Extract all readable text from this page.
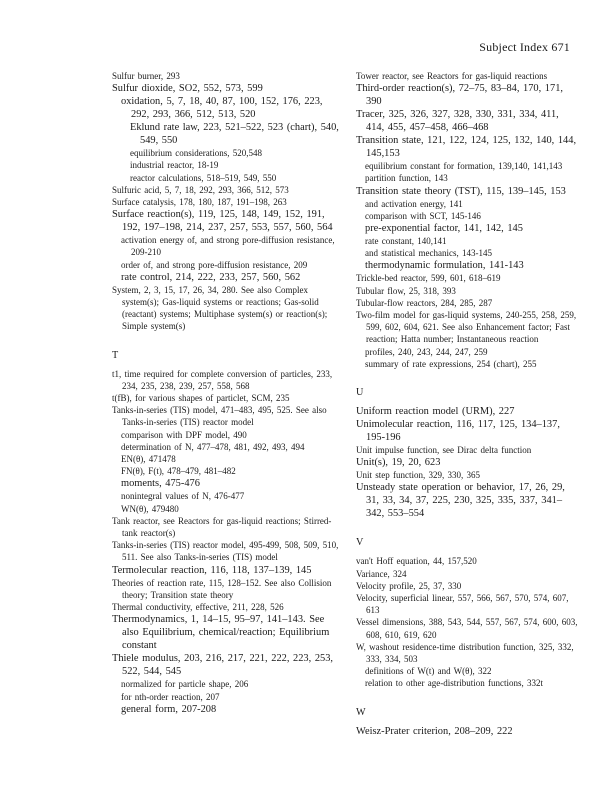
Subject Index 671

Sulfur burner, 293

Sulfur dioxide, SO2, 552, 573, 599

oxidation, 5, 7, 18, 40, 87, 100, 152, 176, 223, 292, 293, 366, 512, 513, 520

Eklund rate law, 223, 521–522, 523 (chart), 540, 549, 550

equilibrium considerations, 520,548

industrial reactor, 18-19

reactor calculations, 518–519, 549, 550

Sulfuric acid, 5, 7, 18, 292, 293, 366, 512, 573

Surface catalysis, 178, 180, 187, 191–198, 263

Surface reaction(s), 119, 125, 148, 149, 152, 191, 192, 197–198, 214, 237, 257, 553, 557, 560, 564

activation energy of, and strong pore-diffusion resistance, 209-210

order of, and strong pore-diffusion resistance, 209

rate control, 214, 222, 233, 257, 560, 562

System, 2, 3, 15, 17, 26, 34, 280. See also Complex system(s); Gas-liquid systems or reactions; Gas-solid (reactant) systems; Multiphase system(s) or reaction(s); Simple system(s)

T

t1, time required for complete conversion of particles, 233, 234, 235, 238, 239, 257, 558, 568

t(fB), for various shapes of particlet, SCM, 235

Tanks-in-series (TIS) model, 471–483, 495, 525. See also Tanks-in-series (TIS) reactor model

comparison with DPF model, 490

determination of N, 477–478, 481, 492, 493, 494

EN(θ), 471478

FN(θ), F(t), 478–479, 481–482

moments, 475-476

nonintegral values of N, 476-477

WN(θ), 479480

Tank reactor, see Reactors for gas-liquid reactions; Stirred-tank reactor(s)

Tanks-in-series (TIS) reactor model, 495-499, 508, 509, 510, 511. See also Tanks-in-series (TIS) model

Termolecular reaction, 116, 118, 137–139, 145

Theories of reaction rate, 115, 128–152. See also Collision theory; Transition state theory

Thermal conductivity, effective, 211, 228, 526

Thermodynamics, 1, 14–15, 95–97, 141–143. See also Equilibrium, chemical/reaction; Equilibrium constant

Thiele modulus, 203, 216, 217, 221, 222, 223, 253, 522, 544, 545

normalized for particle shape, 206

for nth-order reaction, 207

general form, 207-208

Tower reactor, see Reactors for gas-liquid reactions

Third-order reaction(s), 72–75, 83–84, 170, 171, 390

Tracer, 325, 326, 327, 328, 330, 331, 334, 411, 414, 455, 457–458, 466–468

Transition state, 121, 122, 124, 125, 132, 140, 144, 145,153

equilibrium constant for formation, 139,140, 141,143

partition function, 143

Transition state theory (TST), 115, 139–145, 153

and activation energy, 141

comparison with SCT, 145-146

pre-exponential factor, 141, 142, 145

rate constant, 140,141

and statistical mechanics, 143-145

thermodynamic formulation, 141-143

Trickle-bed reactor, 599, 601, 618–619

Tubular flow, 25, 318, 393

Tubular-flow reactors, 284, 285, 287

Two-film model for gas-liquid systems, 240-255, 258, 259, 599, 602, 604, 621. See also Enhancement factor; Fast reaction; Hatta number; Instantaneous reaction

profiles, 240, 243, 244, 247, 259

summary of rate expressions, 254 (chart), 255

U

Uniform reaction model (URM), 227

Unimolecular reaction, 116, 117, 125, 134–137, 195-196

Unit impulse function, see Dirac delta function

Unit(s), 19, 20, 623

Unit step function, 329, 330, 365

Unsteady state operation or behavior, 17, 26, 29, 31, 33, 34, 37, 225, 230, 325, 335, 337, 341–342, 553–554

V

van't Hoff equation, 44, 157,520

Variance, 324

Velocity profile, 25, 37, 330

Velocity, superficial linear, 557, 566, 567, 570, 574, 607, 613

Vessel dimensions, 388, 543, 544, 557, 567, 574, 600, 603, 608, 610, 619, 620

W, washout residence-time distribution function, 325, 332, 333, 334, 503

definitions of W(t) and W(θ), 322

relation to other age-distribution functions, 332t

W

Weisz-Prater criterion, 208–209, 222
